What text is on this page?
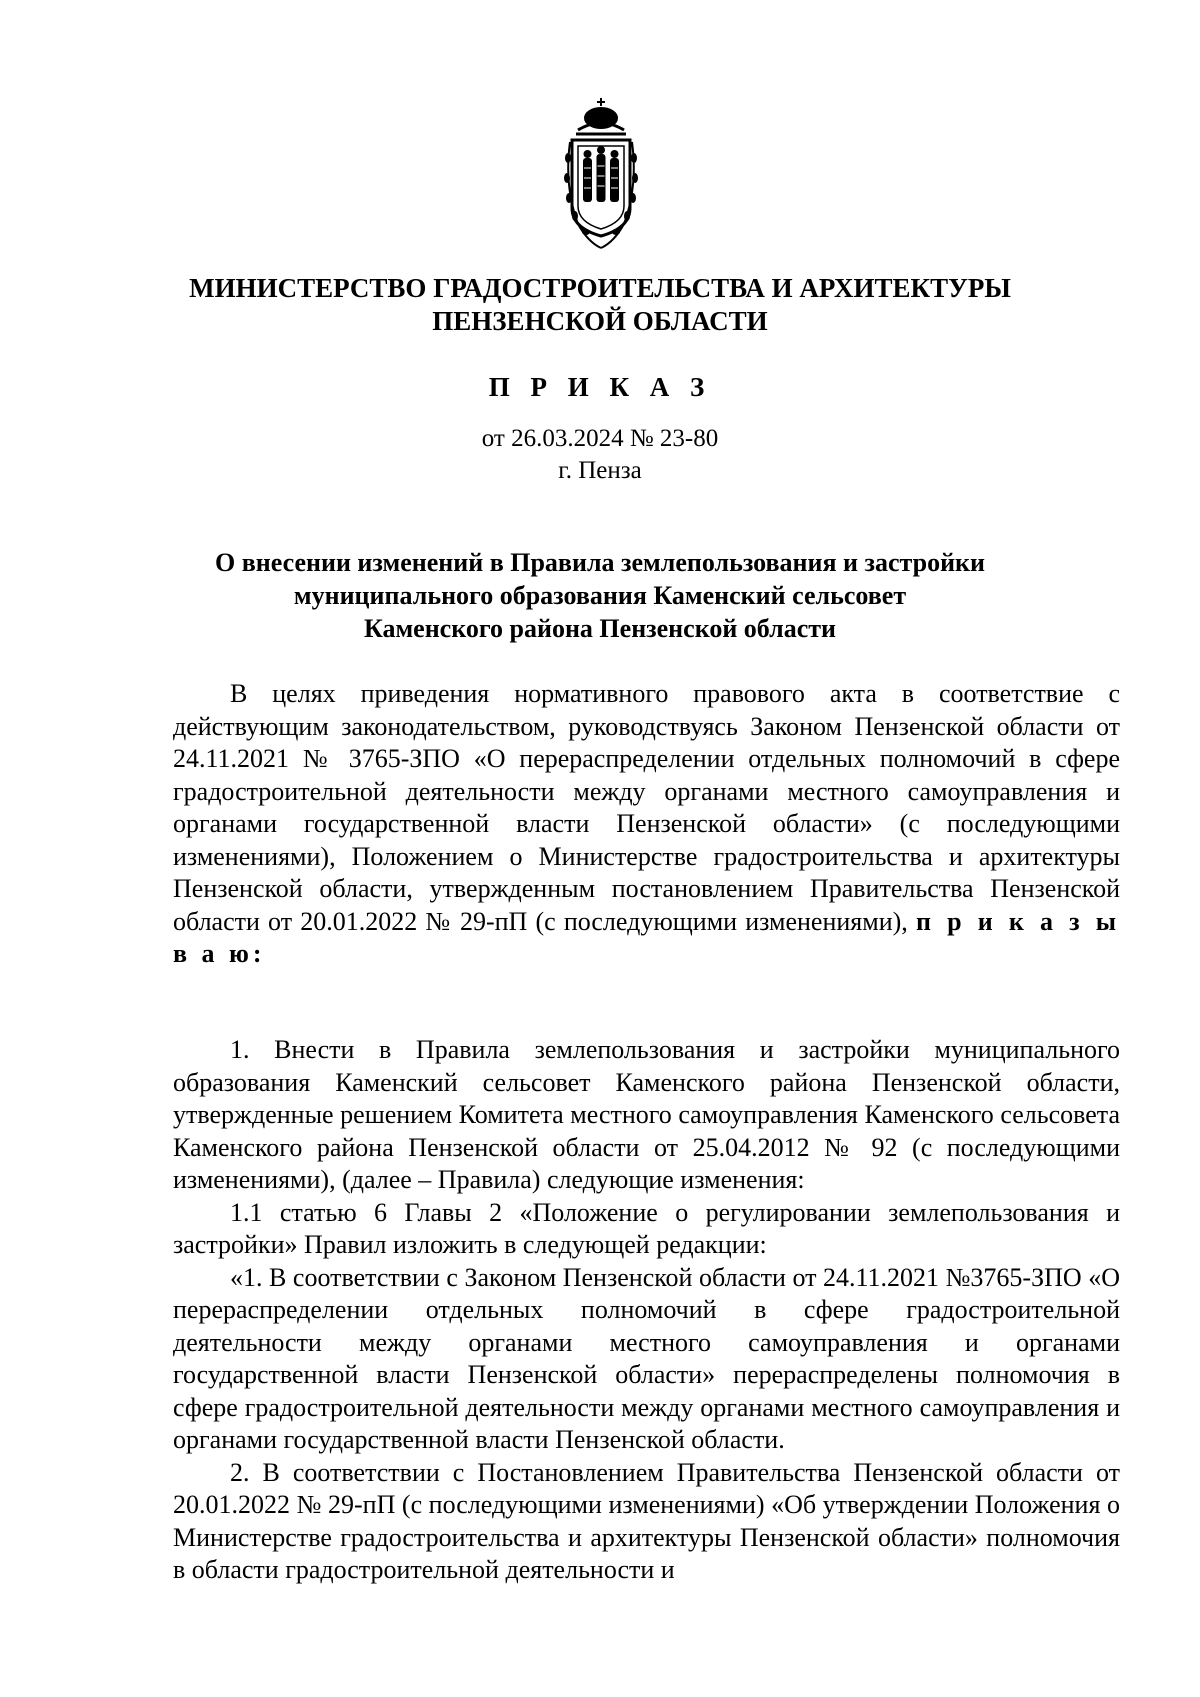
МИНИСТЕРСТВО ГРАДОСТРОИТЕЛЬСТВА И АРХИТЕКТУРЫ
ПЕНЗЕНСКОЙ ОБЛАСТИ
П Р И К А З
от 26.03.2024 № 23-80
г. Пенза
О внесении изменений в Правила землепользования и застройки
муниципального образования Каменский сельсовет
Каменского района Пензенской области

В целях приведения нормативного правового акта в соответствие с действующим законодательством, руководствуясь Законом Пензенской области от 24.11.2021 № 3765-ЗПО «О перераспределении отдельных полномочий в сфере градостроительной деятельности между органами местного самоуправления и органами государственной власти Пензенской области» (с последующими изменениями), Положением о Министерстве градостроительства и архитектуры Пензенской области, утвержденным постановлением Правительства Пензенской области от 20.01.2022 № 29-пП (с последующими изменениями), п р и к а з ы в а ю:

1. Внести в Правила землепользования и застройки муниципального образования Каменский сельсовет Каменского района Пензенской области, утвержденные решением Комитета местного самоуправления Каменского сельсовета Каменского района Пензенской области от 25.04.2012 № 92 (с последующими изменениями), (далее – Правила) следующие изменения:

1.1 статью 6 Главы 2 «Положение о регулировании землепользования и застройки» Правил изложить в следующей редакции:

«1. В соответствии с Законом Пензенской области от 24.11.2021 №3765-ЗПО «О перераспределении отдельных полномочий в сфере градостроительной деятельности между органами местного самоуправления и органами государственной власти Пензенской области» перераспределены полномочия в сфере градостроительной деятельности между органами местного самоуправления и органами государственной власти Пензенской области.

2. В соответствии с Постановлением Правительства Пензенской области от 20.01.2022 № 29-пП (с последующими изменениями) «Об утверждении Положения о Министерстве градостроительства и архитектуры Пензенской области» полномочия в области градостроительной деятельности и
